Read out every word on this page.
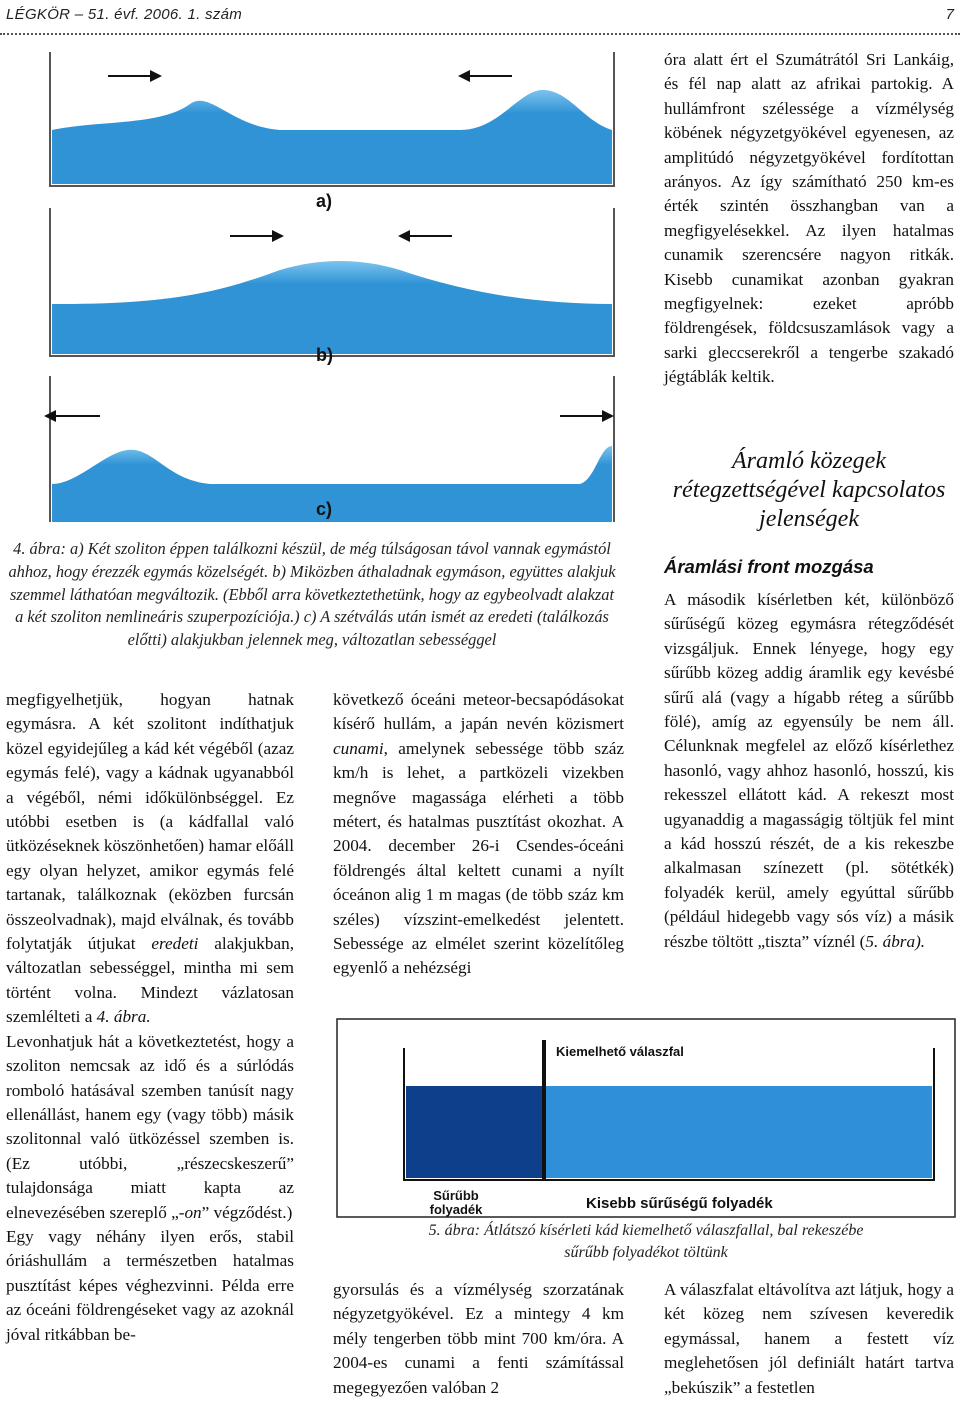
LÉGKÖR – 51. évf. 2006. 1. szám	7
a)
b)
c)
4. ábra: a) Két szoliton éppen találkozni készül, de még túlságosan távol vannak egymástól ahhoz, hogy érezzék egymás közelségét. b) Miközben áthaladnak egymáson, együttes alakjuk szemmel láthatóan megváltozik. (Ebből arra következtethetünk, hogy az egybeolvadt alakzat a két szoliton nemlineáris szuperpozíciója.) c) A szétválás után ismét az eredeti (találkozás előtti) alakjukban jelennek meg, változatlan sebességgel

megfigyelhetjük, hogyan hatnak egymásra. A két szolitont indíthatjuk közel egyidejűleg a kád két végéből (azaz egymás felé), vagy a kádnak ugyanabból a végéből, némi időkülönbséggel. Ez utóbbi esetben is (a kádfallal való ütközéseknek köszönhetően) hamar előáll egy olyan helyzet, amikor egymás felé tartanak, találkoznak (eközben furcsán összeolvadnak), majd elválnak, és tovább folytatják útjukat eredeti alakjukban, változatlan sebességgel, mintha mi sem történt volna. Mindezt vázlatosan szemlélteti a 4. ábra.

Levonhatjuk hát a következtetést, hogy a szoliton nemcsak az idő és a súrlódás romboló hatásával szemben tanúsít nagy ellenállást, hanem egy (vagy több) másik szolitonnal való ütközéssel szemben is. (Ez utóbbi, „részecskeszerű” tulajdonsága miatt kapta az elnevezésében szereplő „-on” végződést.)

Egy vagy néhány ilyen erős, stabil óriáshullám a természetben hatalmas pusztítást képes véghezvinni. Példa erre az óceáni földrengéseket vagy az azoknál jóval ritkábban be-

következő óceáni meteor-becsapódásokat kísérő hullám, a japán nevén közismert cunami, amelynek sebessége több száz km/h is lehet, a partközeli vizekben megnőve magassága elérheti a több métert, és hatalmas pusztítást okozhat. A 2004. december 26-i Csendes-óceáni földrengés által keltett cunami a nyílt óceánon alig 1 m magas (de több száz km széles) vízszint-emelkedést jelentett. Sebessége az elmélet szerint közelítőleg egyenlő a nehézségi

óra alatt ért el Szumátrától Sri Lankáig, és fél nap alatt az afrikai partokig. A hullámfront szélessége a vízmélység köbének négyzetgyökével egyenesen, az amplitúdó négyzetgyökével fordítottan arányos. Az így számítható 250 km-es érték szintén összhangban van a megfigyelésekkel. Az ilyen hatalmas cunamik szerencsére nagyon ritkák. Kisebb cunamikat azonban gyakran megfigyelnek: ezeket apróbb földrengések, földcsuszamlások vagy a sarki gleccserekről a tengerbe szakadó jégtáblák keltik.
Áramló közegek rétegzettségével kapcsolatos jelenségek
Áramlási front mozgása

A második kísérletben két, különböző sűrűségű közeg egymásra rétegződését vizsgáljuk. Ennek lényege, hogy egy sűrűbb közeg addig áramlik egy kevésbé sűrű alá (vagy a hígabb réteg a sűrűbb fölé), amíg az egyensúly be nem áll. Célunknak megfelel az előző kísérlethez hasonló, vagy ahhoz hasonló, hosszú, kis rekesszel ellátott kád. A rekeszt most ugyanaddig a magasságig töltjük fel mint a kád hosszú részét, de a kis rekeszbe alkalmasan színezett (pl. sötétkék) folyadék kerül, amely egyúttal sűrűbb (például hidegebb vagy sós víz) a másik részbe töltött „tiszta” víznél (5. ábra).

Kiemelhető válaszfal
Sűrűbb
folyadék	Kisebb sűrűségű folyadék
5. ábra: Átlátszó kísérleti kád kiemelhető válaszfallal, bal rekeszébe
sűrűbb folyadékot töltünk
gyorsulás és a vízmélység szorzatának négyzetgyökével. Ez a mintegy 4 km mély tengerben több mint 700 km/óra. A 2004-es cunami a fenti számítással megegyezően valóban 2
A válaszfalat eltávolítva azt látjuk, hogy a két közeg nem szívesen keveredik egymással, hanem a festett víz meglehetősen jól definiált határt tartva „bekúszik” a festetlen
